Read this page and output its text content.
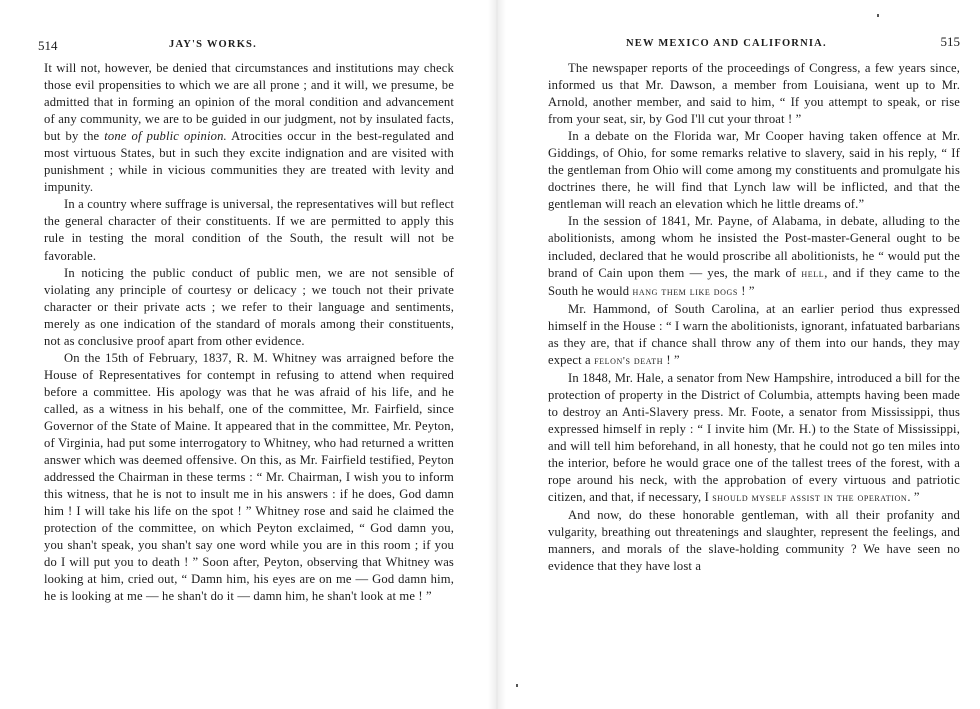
514	JAY'S WORKS.

It will not, however, be denied that circumstances and institutions may check those evil propensities to which we are all prone ; and it will, we presume, be admitted that in forming an opinion of the moral condition and advancement of any community, we are to be guided in our judgment, not by insulated facts, but by the tone of public opinion. Atrocities occur in the best-regulated and most virtuous States, but in such they excite indignation and are visited with punishment ; while in vicious communities they are treated with levity and impunity.

In a country where suffrage is universal, the representatives will but reflect the general character of their constituents. If we are permitted to apply this rule in testing the moral condition of the South, the result will not be favorable.

In noticing the public conduct of public men, we are not sensible of violating any principle of courtesy or delicacy ; we touch not their private character or their private acts ; we refer to their language and sentiments, merely as one indication of the standard of morals among their constituents, not as conclusive proof apart from other evidence.

On the 15th of February, 1837, R. M. Whitney was arraigned before the House of Representatives for contempt in refusing to attend when required before a committee. His apology was that he was afraid of his life, and he called, as a witness in his behalf, one of the committee, Mr. Fairfield, since Governor of the State of Maine. It appeared that in the committee, Mr. Peyton, of Virginia, had put some interrogatory to Whitney, who had returned a written answer which was deemed offensive. On this, as Mr. Fairfield testified, Peyton addressed the Chairman in these terms : “ Mr. Chairman, I wish you to inform this witness, that he is not to insult me in his answers : if he does, God damn him ! I will take his life on the spot ! ” Whitney rose and said he claimed the protection of the committee, on which Peyton exclaimed, “ God damn you, you shan't speak, you shan't say one word while you are in this room ; if you do I will put you to death ! ” Soon after, Peyton, observing that Whitney was looking at him, cried out, “ Damn him, his eyes are on me — God damn him, he is looking at me — he shan't do it — damn him, he shan't look at me ! ”

NEW MEXICO AND CALIFORNIA.	515

The newspaper reports of the proceedings of Congress, a few years since, informed us that Mr. Dawson, a member from Louisiana, went up to Mr. Arnold, another member, and said to him, “ If you attempt to speak, or rise from your seat, sir, by God I'll cut your throat ! ”

In a debate on the Florida war, Mr Cooper having taken offence at Mr. Giddings, of Ohio, for some remarks relative to slavery, said in his reply, “ If the gentleman from Ohio will come among my constituents and promulgate his doctrines there, he will find that Lynch law will be inflicted, and that the gentleman will reach an elevation which he little dreams of.”

In the session of 1841, Mr. Payne, of Alabama, in debate, alluding to the abolitionists, among whom he insisted the Post-master-General ought to be included, declared that he would proscribe all abolitionists, he “ would put the brand of Cain upon them — yes, the mark of hell, and if they came to the South he would hang them like dogs ! ”

Mr. Hammond, of South Carolina, at an earlier period thus expressed himself in the House : “ I warn the abolitionists, ignorant, infatuated barbarians as they are, that if chance shall throw any of them into our hands, they may expect a felon's death ! ”

In 1848, Mr. Hale, a senator from New Hampshire, introduced a bill for the protection of property in the District of Columbia, attempts having been made to destroy an Anti-Slavery press. Mr. Foote, a senator from Mississippi, thus expressed himself in reply : “ I invite him (Mr. H.) to the State of Mississippi, and will tell him beforehand, in all honesty, that he could not go ten miles into the interior, before he would grace one of the tallest trees of the forest, with a rope around his neck, with the approbation of every virtuous and patriotic citizen, and that, if necessary, I should myself assist in the operation. ”

And now, do these honorable gentleman, with all their profanity and vulgarity, breathing out threatenings and slaughter, represent the feelings, and manners, and morals of the slave-holding community ? We have seen no evidence that they have lost a
